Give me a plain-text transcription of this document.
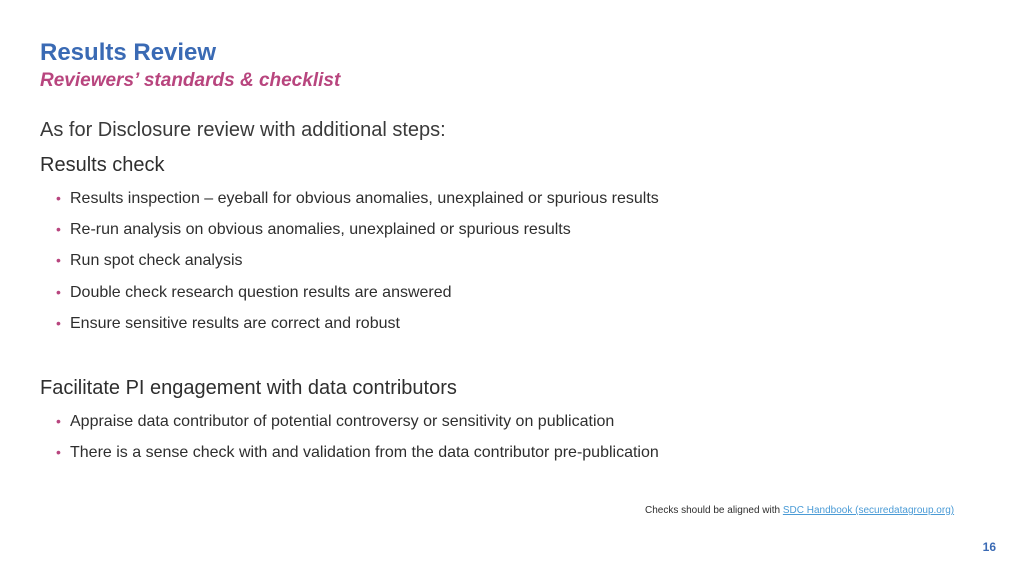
Results Review
Reviewers’ standards & checklist
As for Disclosure review with additional steps:
Results check
• Results inspection – eyeball for obvious anomalies, unexplained or spurious results
• Re-run analysis on obvious anomalies, unexplained or spurious results
• Run spot check analysis
• Double check research question results are answered
• Ensure sensitive results are correct and robust
Facilitate PI engagement with data contributors
• Appraise data contributor of potential controversy or sensitivity on publication
• There is a sense check with and validation from the data contributor pre-publication
Checks should be aligned with SDC Handbook (securedatagroup.org)
16
